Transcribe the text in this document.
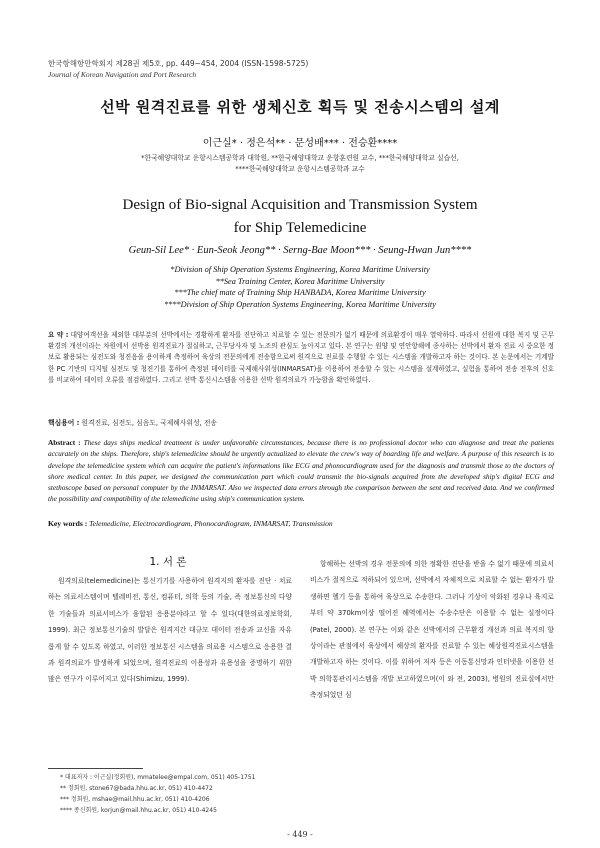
한국항해항만학회지 제28권 제5호, pp. 449~454, 2004 (ISSN-1598-5725)
Journal of Korean Navigation and Port Research
선박 원격진료를 위한 생체신호 획득 및 전송시스템의 설계
이근실* · 정은석** · 문성배*** · 전승환****
*한국해양대학교 운항시스템공학과 대학원, **한국해양대학교 운항훈련원 교수, ***한국해양대학교 실습선,
****한국해양대학교 운항시스템공학과 교수
Design of Bio-signal Acquisition and Transmission System
for Ship Telemedicine
Geun-Sil Lee* · Eun-Seok Jeong** · Serng-Bae Moon*** · Seung-Hwan Jun****
*Division of Ship Operation Systems Engineering, Korea Maritime University
**Sea Training Center, Korea Maritime University
***The chief mate of Training Ship HANBADA, Korea Maritime University
****Division of Ship Operation Systems Engineering, Korea Maritime University
요 약 : 대양여객선을 제외한 대부분의 선박에서는 경황하게 환자를 진단하고 치료할 수 있는 전문의가 없기 때문에 의료환경이 매우 열악하다. 따라서 선원에 대한 복지 및 근무환경의 개선이라는 차원에서 선박용 원격진료가 절실하고, 근무당사자 및 노조의 관심도 높아지고 있다. 본 연구는 원양 및 연안항해에 종사하는 선박에서 환자 진료 시 중요한 정보로 활용되는 심전도와 청진음을 용이하게 측정하여 육상의 전문의에게 전송함으로써 원격으로 진료를 수행할 수 있는 시스템을 개발하고자 하는 것이다. 본 논문에서는 기계발한 PC 기반의 디지털 심전도 및 청진기를 통하여 측정된 데이터를 국제해사위성(INMARSAT)을 이용하여 전송할 수 있는 시스템을 설계하였고, 실험을 통하여 전송 전후의 신호를 비교하여 데이터 오류를 점검하였다. 그리고 선박 통신시스템을 이용한 선박 원격의료가 가능함을 확인하였다.
핵심용어 : 원격진료, 심전도, 심음도, 국제해사위성, 전송
Abstract : These days ships medical treatment is under unfavorable circumstances, because there is no professional doctor who can diagnose and treat the patients accurately on the ships. Therefore, ship's telemedicine should be urgently actualized to elevate the crew's way of boarding life and welfare. A purpose of this research is to develope the telemedicine system which can acquire the patient's informations like ECG and phonocardiogram used for the diagnosis and transmit those to the doctors of shore medical center. In this paper, we designed the communication part which could transmit the bio-signals acquired from the developed ship's digital ECG and stethoscope based on personal computer by the INMARSAT. Also we inspected data errors through the comparison between the sent and received data. And we confirmed the possibility and compatibility of the telemedicine using ship's communication system.
Key words : Telemedicine, Electrocardiogram, Phonocardiogram, INMARSAT, Transmission
1. 서 론

원격의료(telemedicine)는 통신기기를 사용하여 원격지의 환자를 진단 · 치료하는 의료서스템이며 텔레비전, 통신, 컴퓨터, 의학 등의 기술, 즉 정보통신의 다양한 기술들과 의료서비스가 융합된 응용분야라고 할 수 있다(대한의료정보학회, 1999). 최근 정보통신기술의 발달은 원격지간 대규모 데이터 전송과 교신을 자유롭게 할 수 있도록 하였고, 이러한 정보통신 시스템을 의료용 시스템으로 응용한 결과 원격의료가 발생하게 되었으며, 원격진료의 이용성과 유용성을 증명하기 위한 많은 연구가 이루어지고 있다(Shimizu, 1999).

항해하는 선박의 경우 전문의에 의한 정확한 진단을 받을 수 없기 때문에 의료서비스가 절적으로 적하되어 있으며, 선박에서 자체적으로 치료할 수 없는 환자가 발생하면 헬기 등을 통하여 육상으로 수송한다. 그러나 기상이 악화된 경우나 육지로부터 약 370km이상 떨어진 해역에서는 수송수단은 이용할 수 없는 실정이다(Patel, 2000). 본 연구는 이와 같은 선박에서의 근무환경 개선과 의료 복지의 향상이라는 관점에서 육상에서 해상의 환자를 진료할 수 있는 해상원격진료시스템을 개발하고자 하는 것이다. 이를 위하여 저자 등은 이동통신망과 인터넷을 이용한 선박 의학통관리시스템을 개발 보고하였으며(이 와 전, 2003), 병원의 진료실에서만 측정되었던 심

* 대표저자 : 이근실(정회원), mmatelee@empal.com, 051) 405-1751
** 정회원, stone67@bada.hhu.ac.kr, 051) 410-4472
*** 정회원, mshae@mail.hhu.ac.kr, 051) 410-4206
**** 종신회원, korjun@mail.hhu.ac.kr, 051) 410-4245
- 449 -
